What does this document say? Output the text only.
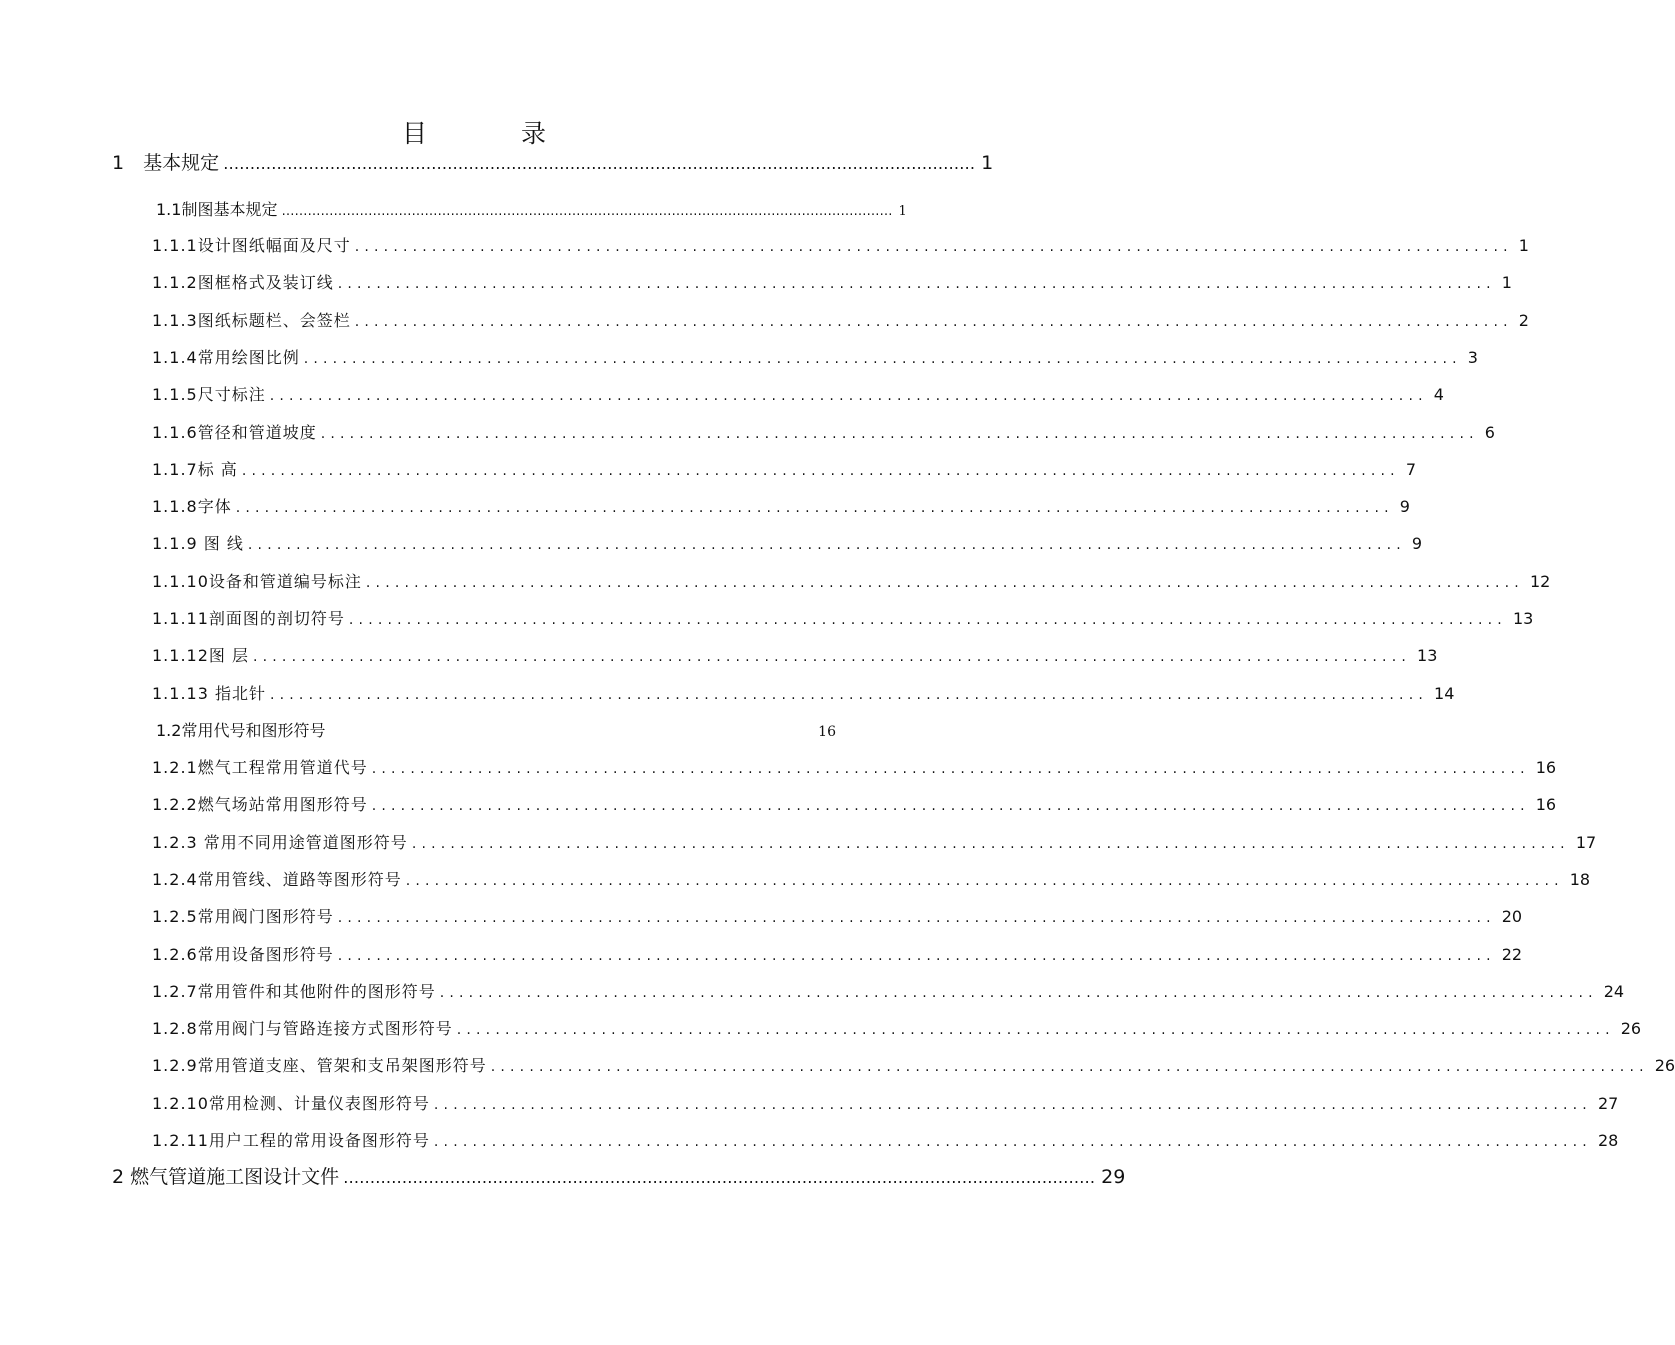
目	录
1　基本规定 …………………………………………………………………………………………………………………………… 1
1.1制图基本规定 …………………………………………………………………………………………………………………………… 1
1.1.1设计图纸幅面及尺寸 ........................................................................................................................ 1
1.1.2图框格式及装订线 ........................................................................................................................ 1
1.1.3图纸标题栏、会签栏 ........................................................................................................................ 2
1.1.4常用绘图比例 ........................................................................................................................ 3
1.1.5尺寸标注 ........................................................................................................................ 4
1.1.6管径和管道坡度 ........................................................................................................................ 6
1.1.7标 高 ........................................................................................................................ 7
1.1.8字体 ........................................................................................................................ 9
1.1.9 图 线 ........................................................................................................................ 9
1.1.10设备和管道编号标注 ........................................................................................................................ 12
1.1.11剖面图的剖切符号 ........................................................................................................................ 13
1.1.12图 层 ........................................................................................................................ 13
1.1.13 指北针 ........................................................................................................................ 14
1.2常用代号和图形符号	16
1.2.1燃气工程常用管道代号 ........................................................................................................................ 16
1.2.2燃气场站常用图形符号 ........................................................................................................................ 16
1.2.3 常用不同用途管道图形符号 ........................................................................................................................ 17
1.2.4常用管线、道路等图形符号 ........................................................................................................................ 18
1.2.5常用阀门图形符号 ........................................................................................................................ 20
1.2.6常用设备图形符号 ........................................................................................................................ 22
1.2.7常用管件和其他附件的图形符号 ........................................................................................................................ 24
1.2.8常用阀门与管路连接方式图形符号 ........................................................................................................................ 26
1.2.9常用管道支座、管架和支吊架图形符号 ........................................................................................................................ 26
1.2.10常用检测、计量仪表图形符号 ........................................................................................................................ 27
1.2.11用户工程的常用设备图形符号 ........................................................................................................................ 28
2 燃气管道施工图设计文件 …………………………………………………………………………………………………………………………… 29
